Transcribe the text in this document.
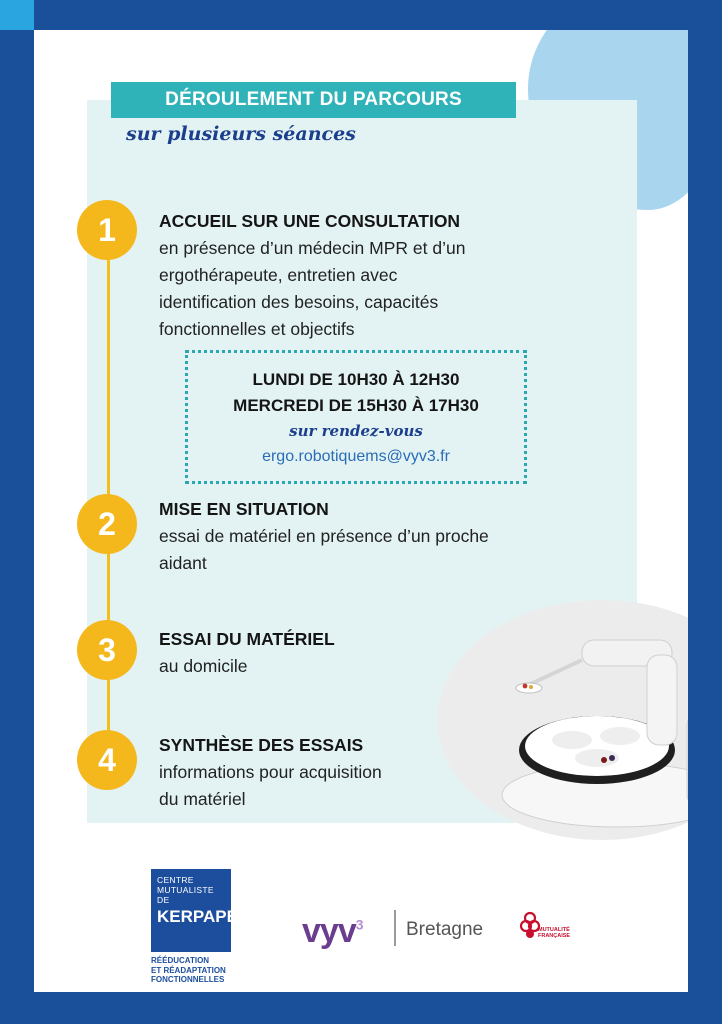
DÉROULEMENT DU PARCOURS
sur plusieurs séances
1	ACCUEIL SUR UNE CONSULTATION
en présence d’un médecin MPR et d’un
ergothérapeute, entretien avec
identification des besoins, capacités
fonctionnelles et objectifs
LUNDI DE 10H30 À 12H30
MERCREDI DE 15H30 À 17H30
sur rendez-vous
ergo.robotiquems@vyv3.fr
2	MISE EN SITUATION
essai de matériel en présence d’un proche
aidant
3	ESSAI DU MATÉRIEL
au domicile
4	SYNTHÈSE DES ESSAIS
informations pour acquisition
du matériel
CENTRE
MUTUALISTE
DE
KERPAPE
RÉÉDUCATION
ET RÉADAPTATION
FONCTIONNELLES
vyv$^3$ Bretagne	MUTUALITÉ
FRANÇAISE
